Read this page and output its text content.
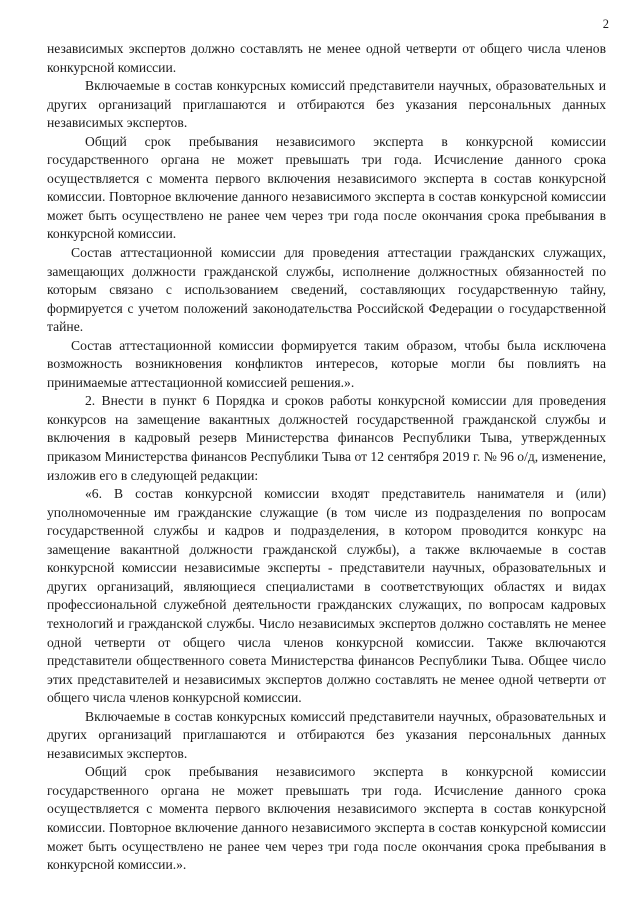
2

независимых экспертов должно составлять не менее одной четверти от общего числа членов конкурсной комиссии.

Включаемые в состав конкурсных комиссий представители научных, образовательных и других организаций приглашаются и отбираются без указания персональных данных независимых экспертов.

Общий срок пребывания независимого эксперта в конкурсной комиссии государственного органа не может превышать три года. Исчисление данного срока осуществляется с момента первого включения независимого эксперта в состав конкурсной комиссии. Повторное включение данного независимого эксперта в состав конкурсной комиссии может быть осуществлено не ранее чем через три года после окончания срока пребывания в конкурсной комиссии.

Состав аттестационной комиссии для проведения аттестации гражданских служащих, замещающих должности гражданской службы, исполнение должностных обязанностей по которым связано с использованием сведений, составляющих государственную тайну, формируется с учетом положений законодательства Российской Федерации о государственной тайне.

Состав аттестационной комиссии формируется таким образом, чтобы была исключена возможность возникновения конфликтов интересов, которые могли бы повлиять на принимаемые аттестационной комиссией решения.».

2. Внести в пункт 6 Порядка и сроков работы конкурсной комиссии для проведения конкурсов на замещение вакантных должностей государственной гражданской службы и включения в кадровый резерв Министерства финансов Республики Тыва, утвержденных приказом Министерства финансов Республики Тыва от 12 сентября 2019 г. № 96 о/д, изменение, изложив его в следующей редакции:

«6. В состав конкурсной комиссии входят представитель нанимателя и (или) уполномоченные им гражданские служащие (в том числе из подразделения по вопросам государственной службы и кадров и подразделения, в котором проводится конкурс на замещение вакантной должности гражданской службы), а также включаемые в состав конкурсной комиссии независимые эксперты - представители научных, образовательных и других организаций, являющиеся специалистами в соответствующих областях и видах профессиональной служебной деятельности гражданских служащих, по вопросам кадровых технологий и гражданской службы. Число независимых экспертов должно составлять не менее одной четверти от общего числа членов конкурсной комиссии. Также включаются представители общественного совета Министерства финансов Республики Тыва. Общее число этих представителей и независимых экспертов должно составлять не менее одной четверти от общего числа членов конкурсной комиссии.

Включаемые в состав конкурсных комиссий представители научных, образовательных и других организаций приглашаются и отбираются без указания персональных данных независимых экспертов.

Общий срок пребывания независимого эксперта в конкурсной комиссии государственного органа не может превышать три года. Исчисление данного срока осуществляется с момента первого включения независимого эксперта в состав конкурсной комиссии. Повторное включение данного независимого эксперта в состав конкурсной комиссии может быть осуществлено не ранее чем через три года после окончания срока пребывания в конкурсной комиссии.».
